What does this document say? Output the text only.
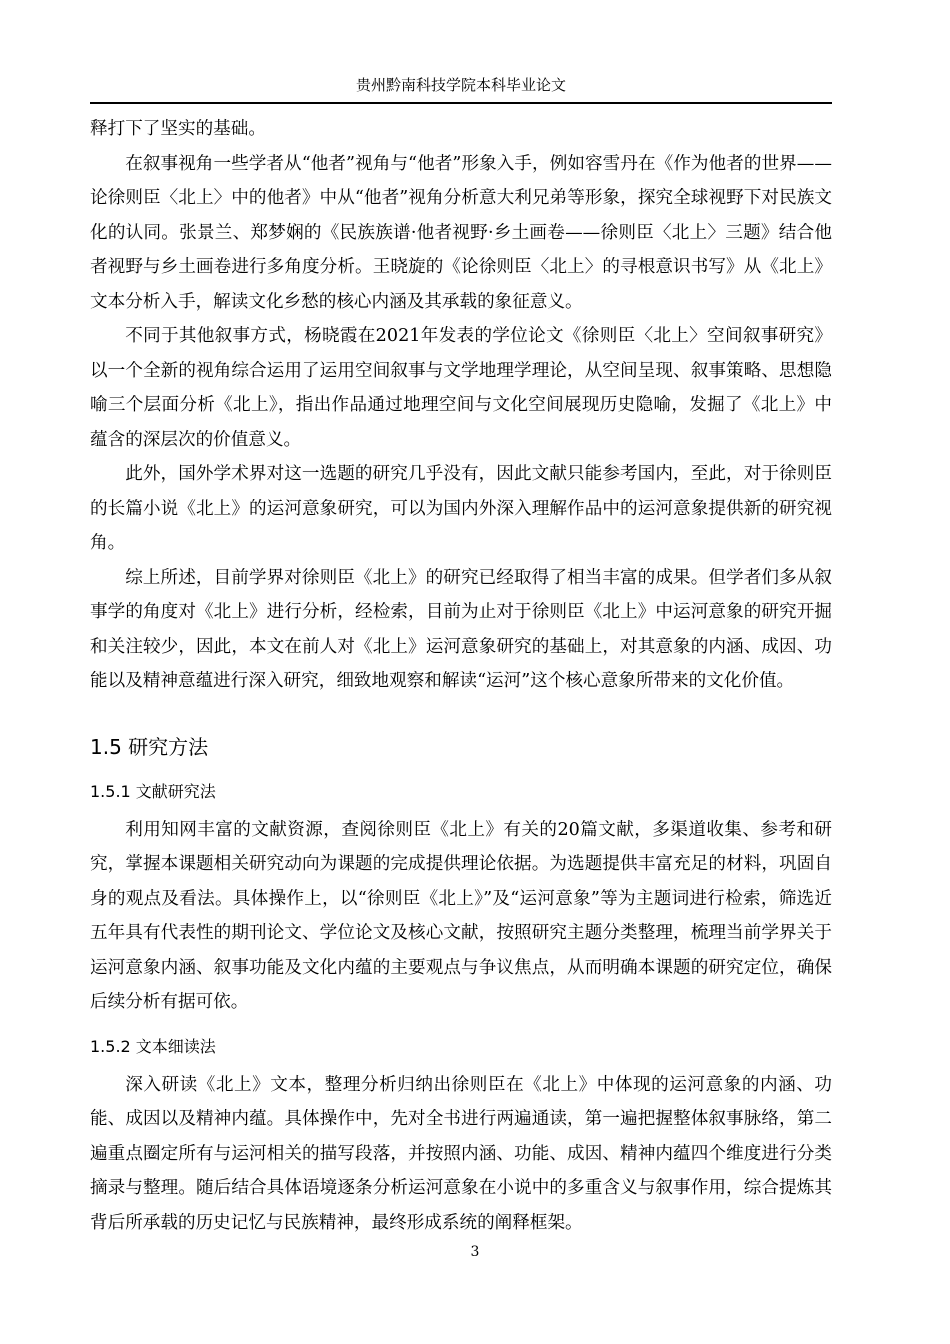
贵州黔南科技学院本科毕业论文

释打下了坚实的基础。

在叙事视角一些学者从“他者”视角与“他者”形象入手，例如容雪丹在《作为他者的世界——论徐则臣〈北上〉中的他者》中从“他者”视角分析意大利兄弟等形象，探究全球视野下对民族文化的认同。张景兰、郑梦娴的《民族族谱·他者视野·乡土画卷——徐则臣〈北上〉三题》结合他者视野与乡土画卷进行多角度分析。王晓旋的《论徐则臣〈北上〉的寻根意识书写》从《北上》文本分析入手，解读文化乡愁的核心内涵及其承载的象征意义。

不同于其他叙事方式，杨晓霞在2021年发表的学位论文《徐则臣〈北上〉空间叙事研究》以一个全新的视角综合运用了运用空间叙事与文学地理学理论，从空间呈现、叙事策略、思想隐喻三个层面分析《北上》，指出作品通过地理空间与文化空间展现历史隐喻，发掘了《北上》中蕴含的深层次的价值意义。

此外，国外学术界对这一选题的研究几乎没有，因此文献只能参考国内，至此，对于徐则臣的长篇小说《北上》的运河意象研究，可以为国内外深入理解作品中的运河意象提供新的研究视角。

综上所述，目前学界对徐则臣《北上》的研究已经取得了相当丰富的成果。但学者们多从叙事学的角度对《北上》进行分析，经检索，目前为止对于徐则臣《北上》中运河意象的研究开掘和关注较少，因此，本文在前人对《北上》运河意象研究的基础上，对其意象的内涵、成因、功能以及精神意蕴进行深入研究，细致地观察和解读“运河”这个核心意象所带来的文化价值。

1.5 研究方法
1.5.1 文献研究法

利用知网丰富的文献资源，查阅徐则臣《北上》有关的20篇文献，多渠道收集、参考和研究，掌握本课题相关研究动向为课题的完成提供理论依据。为选题提供丰富充足的材料，巩固自身的观点及看法。具体操作上，以“徐则臣《北上》”及“运河意象”等为主题词进行检索，筛选近五年具有代表性的期刊论文、学位论文及核心文献，按照研究主题分类整理，梳理当前学界关于运河意象内涵、叙事功能及文化内蕴的主要观点与争议焦点，从而明确本课题的研究定位，确保后续分析有据可依。

1.5.2 文本细读法

深入研读《北上》文本，整理分析归纳出徐则臣在《北上》中体现的运河意象的内涵、功能、成因以及精神内蕴。具体操作中，先对全书进行两遍通读，第一遍把握整体叙事脉络，第二遍重点圈定所有与运河相关的描写段落，并按照内涵、功能、成因、精神内蕴四个维度进行分类摘录与整理。随后结合具体语境逐条分析运河意象在小说中的多重含义与叙事作用，综合提炼其背后所承载的历史记忆与民族精神，最终形成系统的阐释框架。

3
